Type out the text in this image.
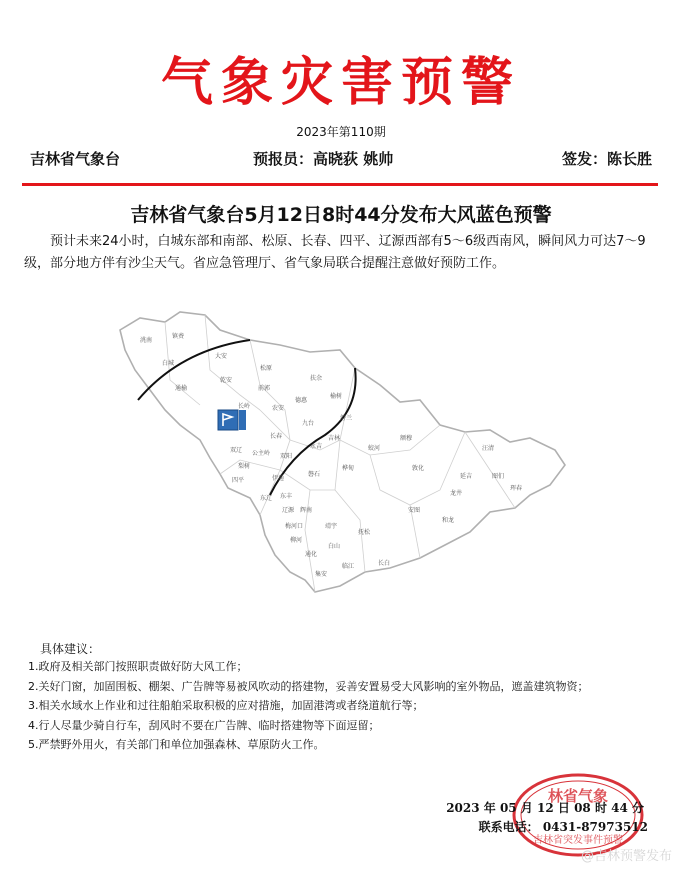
气象灾害预警
2023年第110期
吉林省气象台	预报员：高晓荻 姚帅	签发：陈长胜
吉林省气象台5月12日8时44分发布大风蓝色预警
预计未来24小时，白城东部和南部、松原、长春、四平、辽源西部有5～6级西南风，瞬间风力可达7～9级，部分地方伴有沙尘天气。省应急管理厅、省气象局联合提醒注意做好预防工作。
镇赉
洮南
白城
大安
通榆
乾安
松原
前郭
扶余
长岭	农安
德惠
榆树
长春
九台
双阳
公主岭
双辽
梨树
四平	伊通
东丰
东辽
辽源 辉南
梅河口
柳河
通化
集安
白山
靖宇
抚松
临江	长白
舒兰
吉林
永吉	蛟河
桦甸
磐石
额穆
敦化
安图
和龙
龙井
延吉	图们
汪清
珲春
具体建议：
1.政府及相关部门按照职责做好防大风工作；
2.关好门窗，加固围板、棚架、广告牌等易被风吹动的搭建物，妥善安置易受大风影响的室外物品，遮盖建筑物资；
3.相关水域水上作业和过往船舶采取积极的应对措施，加固港湾或者绕道航行等；
4.行人尽量少骑自行车，刮风时不要在广告牌、临时搭建物等下面逗留；
5.严禁野外用火，有关部门和单位加强森林、草原防火工作。
林省气象
吉林省突发事件预警
2023 年 05 月 12 日 08 时 44 分
联系电话： 0431-87973512
@吉林预警发布
